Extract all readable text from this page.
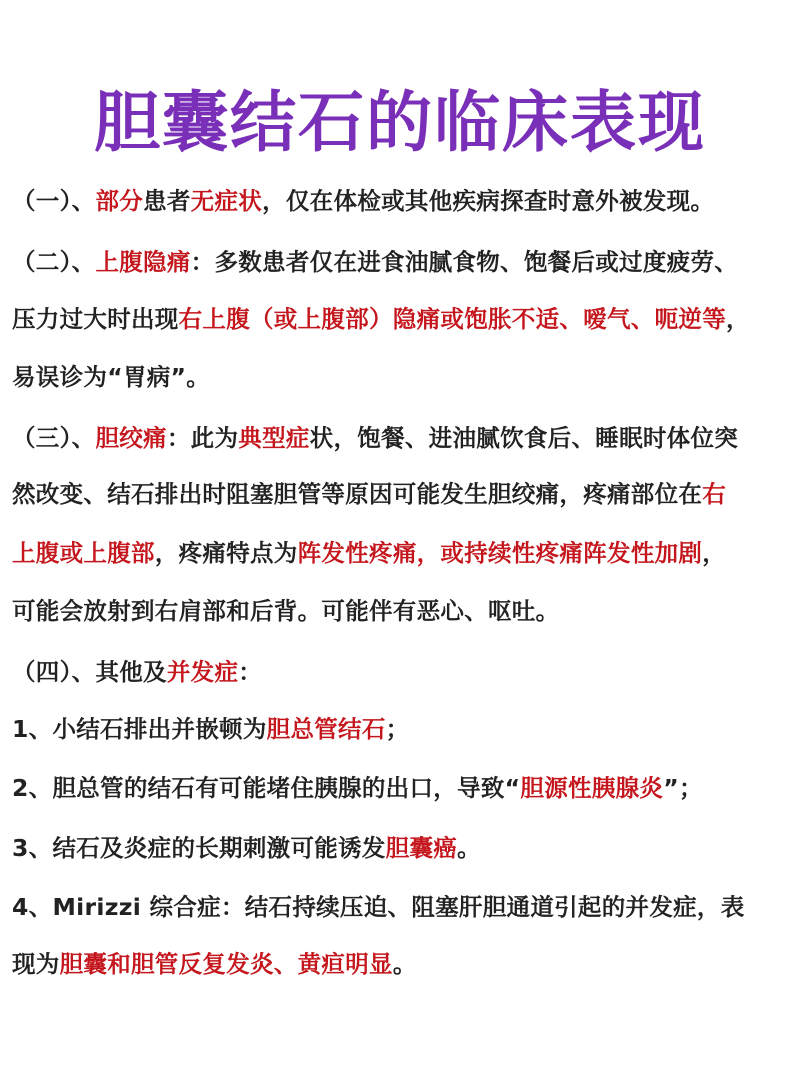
胆囊结石的临床表现
（一）、部分患者无症状，仅在体检或其他疾病探查时意外被发现。
（二）、上腹隐痛：多数患者仅在进食油腻食物、饱餐后或过度疲劳、
压力过大时出现右上腹（或上腹部）隐痛或饱胀不适、嗳气、呃逆等，
易误诊为“胃病”。
（三）、胆绞痛：此为典型症状，饱餐、进油腻饮食后、睡眠时体位突
然改变、结石排出时阻塞胆管等原因可能发生胆绞痛，疼痛部位在右
上腹或上腹部，疼痛特点为阵发性疼痛，或持续性疼痛阵发性加剧，
可能会放射到右肩部和后背。可能伴有恶心、呕吐。
（四）、其他及并发症：
1、小结石排出并嵌顿为胆总管结石；
2、胆总管的结石有可能堵住胰腺的出口，导致“胆源性胰腺炎”；
3、结石及炎症的长期刺激可能诱发胆囊癌。
4、Mirizzi 综合症：结石持续压迫、阻塞肝胆通道引起的并发症，表
现为胆囊和胆管反复发炎、黄疸明显。
